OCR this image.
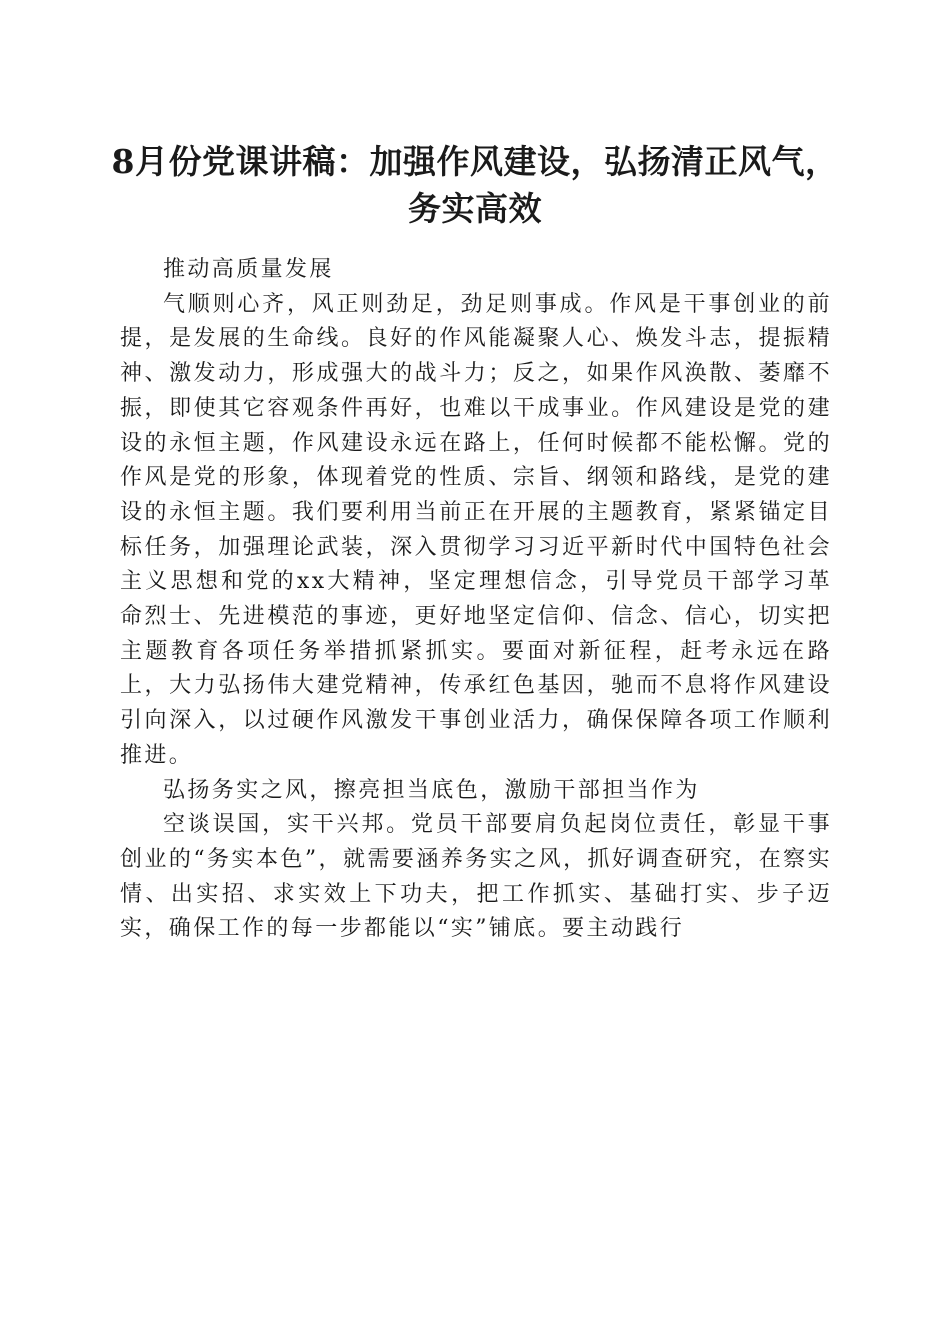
8月份党课讲稿：加强作风建设，弘扬清正风气，务实高效

推动高质量发展

气顺则心齐，风正则劲足，劲足则事成。作风是干事创业的前提，是发展的生命线。良好的作风能凝聚人心、焕发斗志，提振精神、激发动力，形成强大的战斗力；反之，如果作风涣散、萎靡不振，即使其它容观条件再好，也难以干成事业。作风建设是党的建设的永恒主题，作风建设永远在路上，任何时候都不能松懈。党的作风是党的形象，体现着党的性质、宗旨、纲领和路线，是党的建设的永恒主题。我们要利用当前正在开展的主题教育，紧紧锚定目标任务，加强理论武装，深入贯彻学习习近平新时代中国特色社会主义思想和党的xx大精神，坚定理想信念，引导党员干部学习革命烈士、先进模范的事迹，更好地坚定信仰、信念、信心，切实把主题教育各项任务举措抓紧抓实。要面对新征程，赶考永远在路上，大力弘扬伟大建党精神，传承红色基因，驰而不息将作风建设引向深入，以过硬作风激发干事创业活力，确保保障各项工作顺利推进。

弘扬务实之风，擦亮担当底色，激励干部担当作为

空谈误国，实干兴邦。党员干部要肩负起岗位责任，彰显干事创业的“务实本色”，就需要涵养务实之风，抓好调查研究，在察实情、出实招、求实效上下功夫，把工作抓实、基础打实、步子迈实，确保工作的每一步都能以“实”铺底。要主动践行
